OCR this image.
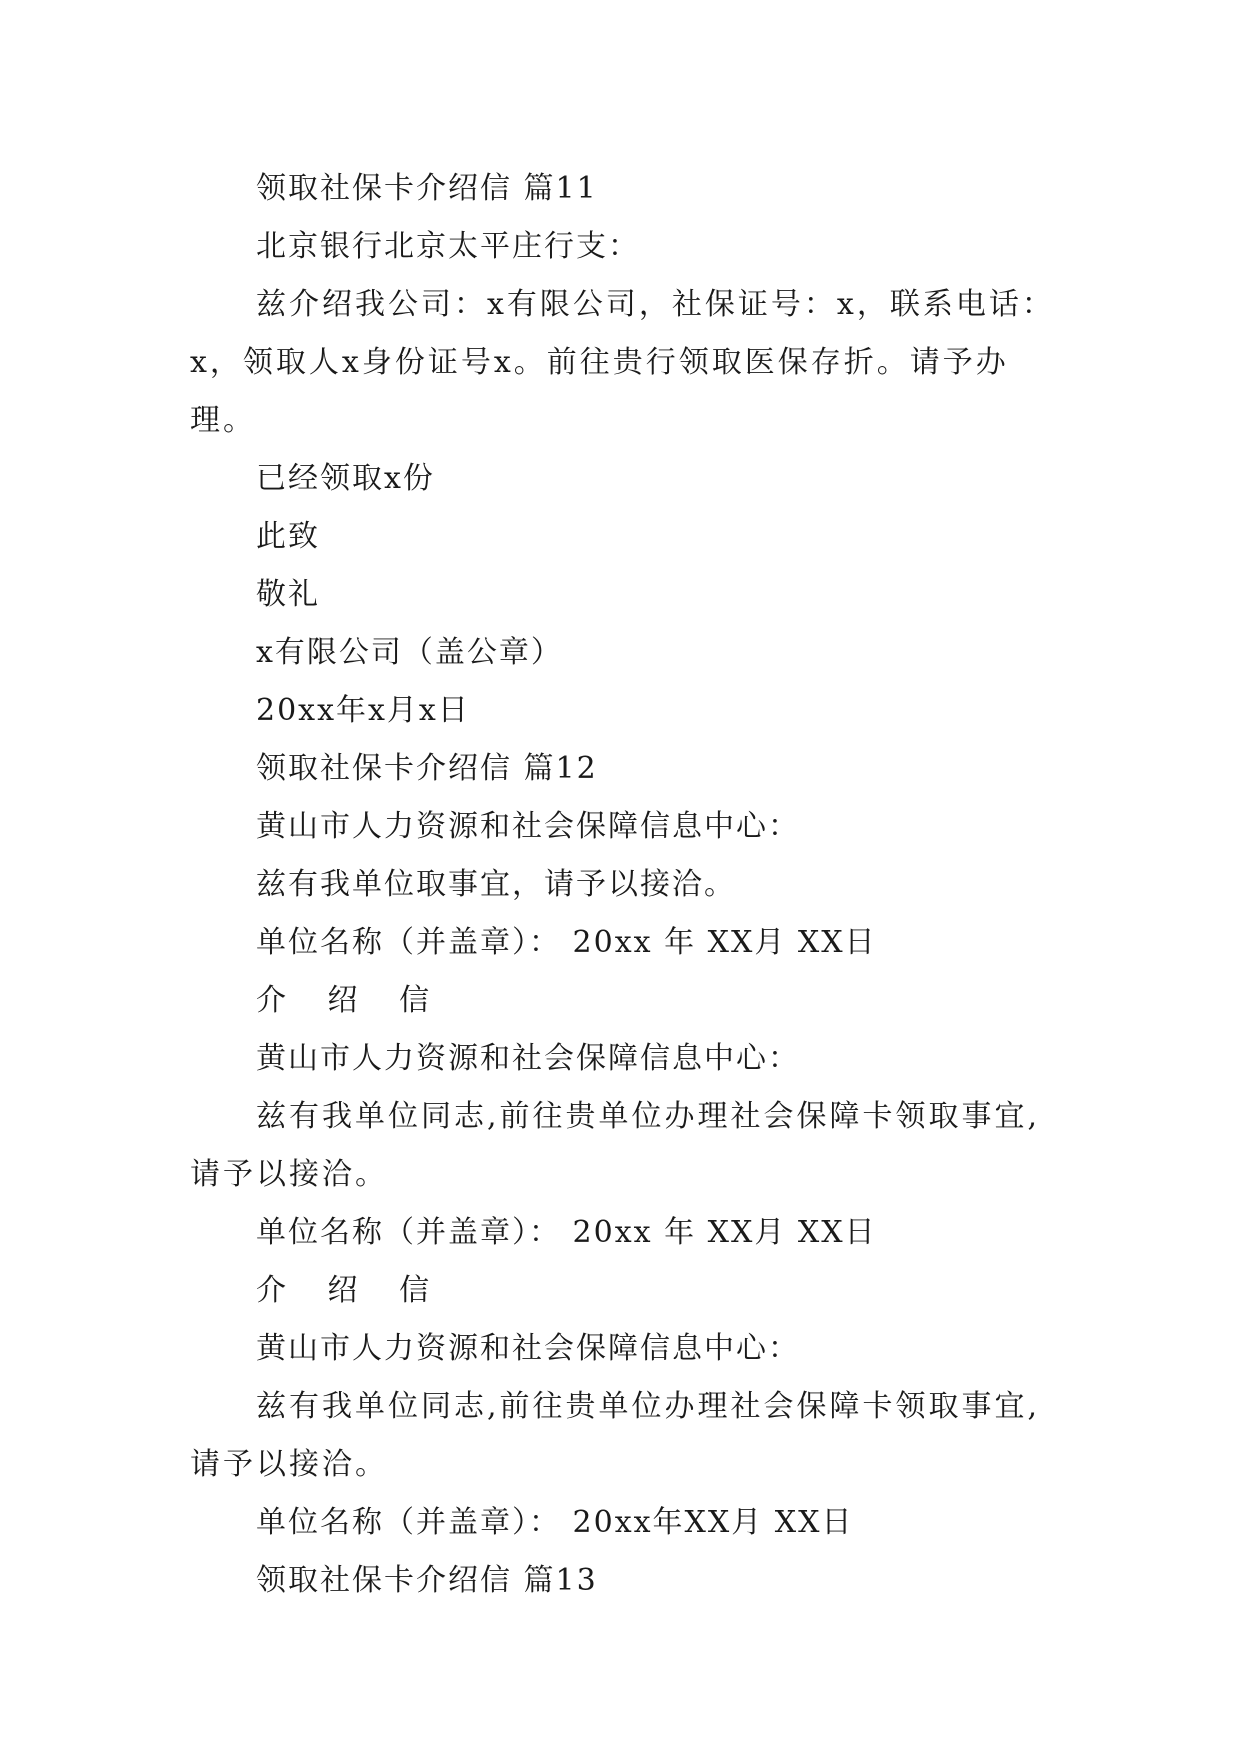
领取社保卡介绍信 篇11
北京银行北京太平庄行支：
兹介绍我公司：x有限公司，社保证号：x，联系电话：x，领取人x身份证号x。前往贵行领取医保存折。请予办理。
已经领取x份
此致
敬礼
x有限公司（盖公章）
20xx年x月x日
领取社保卡介绍信 篇12
黄山市人力资源和社会保障信息中心：
兹有我单位取事宜，请予以接洽。
单位名称（并盖章）： 20xx 年 XX月 XX日
介 绍 信
黄山市人力资源和社会保障信息中心：
兹有我单位同志,前往贵单位办理社会保障卡领取事宜,请予以接洽。
单位名称（并盖章）： 20xx 年 XX月 XX日
介 绍 信
黄山市人力资源和社会保障信息中心：
兹有我单位同志,前往贵单位办理社会保障卡领取事宜,请予以接洽。
单位名称（并盖章）： 20xx年XX月 XX日
领取社保卡介绍信 篇13
